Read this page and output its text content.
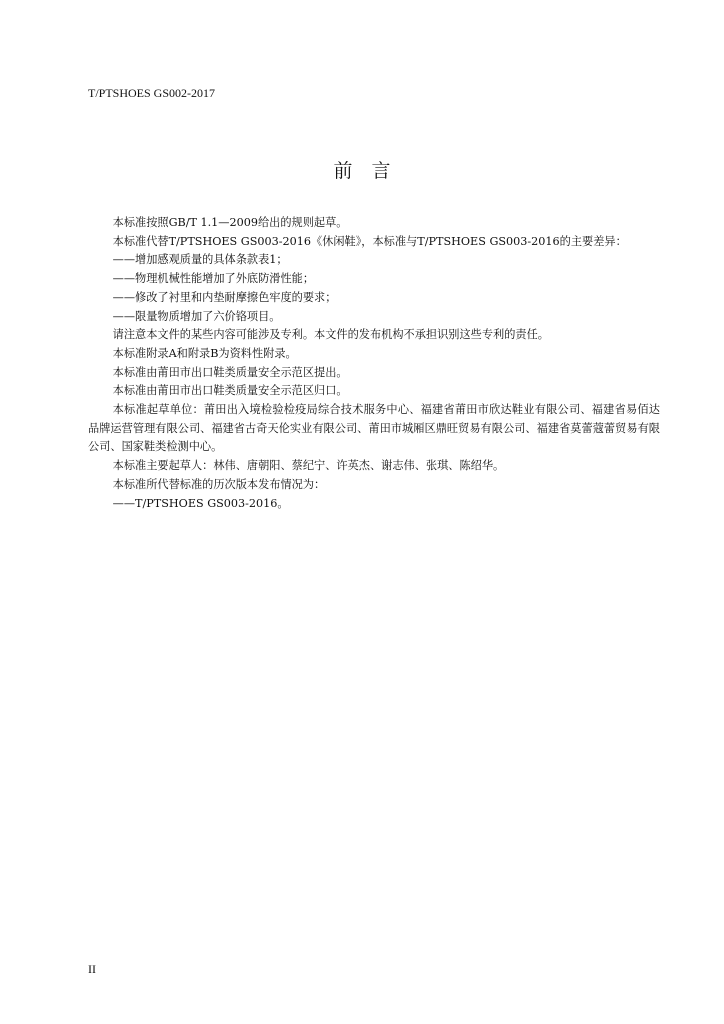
T/PTSHOES GS002-2017
前　言

本标准按照GB/T 1.1—2009给出的规则起草。

本标准代替T/PTSHOES GS003-2016《休闲鞋》，本标准与T/PTSHOES GS003-2016的主要差异：

——增加感观质量的具体条款表1；

——物理机械性能增加了外底防滑性能；

——修改了衬里和内垫耐摩擦色牢度的要求；

——限量物质增加了六价铬项目。

请注意本文件的某些内容可能涉及专利。本文件的发布机构不承担识别这些专利的责任。

本标准附录A和附录B为资料性附录。

本标准由莆田市出口鞋类质量安全示范区提出。

本标准由莆田市出口鞋类质量安全示范区归口。

本标准起草单位：莆田出入境检验检疫局综合技术服务中心、福建省莆田市欣达鞋业有限公司、福建省易佰达品牌运营管理有限公司、福建省古奇天伦实业有限公司、莆田市城厢区鼎旺贸易有限公司、福建省莫蕾蔻蕾贸易有限公司、国家鞋类检测中心。

本标准主要起草人：林伟、唐朝阳、蔡纪宁、许英杰、谢志伟、张琪、陈绍华。

本标准所代替标准的历次版本发布情况为：

——T/PTSHOES GS003-2016。

II
